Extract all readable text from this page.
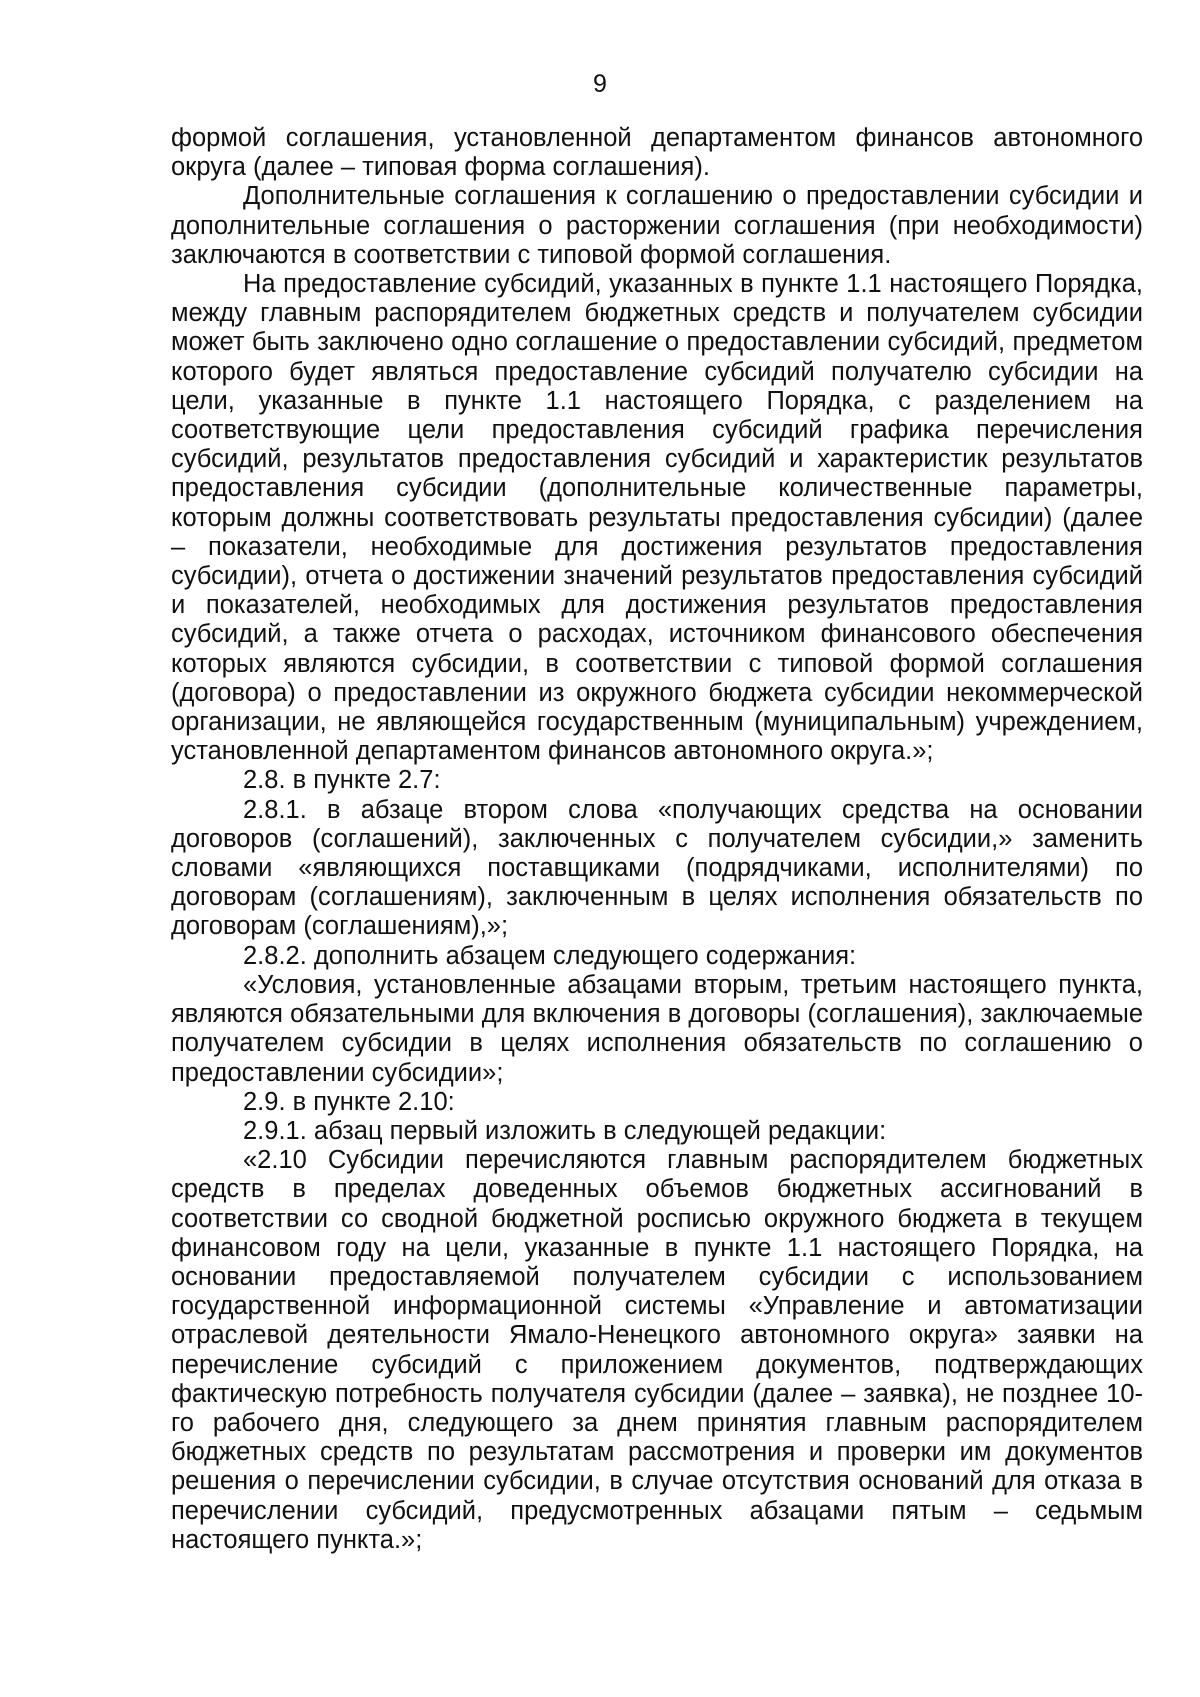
9

формой соглашения, установленной департаментом финансов автономного округа (далее – типовая форма соглашения).

Дополнительные соглашения к соглашению о предоставлении субсидии и дополнительные соглашения о расторжении соглашения (при необходимости) заключаются в соответствии с типовой формой соглашения.

На предоставление субсидий, указанных в пункте 1.1 настоящего Порядка, между главным распорядителем бюджетных средств и получателем субсидии может быть заключено одно соглашение о предоставлении субсидий, предметом которого будет являться предоставление субсидий получателю субсидии на цели, указанные в пункте 1.1 настоящего Порядка, с разделением на соответствующие цели предоставления субсидий графика перечисления субсидий, результатов предоставления субсидий и характеристик результатов предоставления субсидии (дополнительные количественные параметры, которым должны соответствовать результаты предоставления субсидии) (далее – показатели, необходимые для достижения результатов предоставления субсидии), отчета о достижении значений результатов предоставления субсидий и показателей, необходимых для достижения результатов предоставления субсидий, а также отчета о расходах, источником финансового обеспечения которых являются субсидии, в соответствии с типовой формой соглашения (договора) о предоставлении из окружного бюджета субсидии некоммерческой организации, не являющейся государственным (муниципальным) учреждением, установленной департаментом финансов автономного округа.»;

2.8. в пункте 2.7:

2.8.1. в абзаце втором слова «получающих средства на основании договоров (соглашений), заключенных с получателем субсидии,» заменить словами «являющихся поставщиками (подрядчиками, исполнителями) по договорам (соглашениям), заключенным в целях исполнения обязательств по договорам (соглашениям),»;

2.8.2. дополнить абзацем следующего содержания:

«Условия, установленные абзацами вторым, третьим настоящего пункта, являются обязательными для включения в договоры (соглашения), заключаемые получателем субсидии в целях исполнения обязательств по соглашению о предоставлении субсидии»;

2.9. в пункте 2.10:

2.9.1. абзац первый изложить в следующей редакции:

«2.10 Субсидии перечисляются главным распорядителем бюджетных средств в пределах доведенных объемов бюджетных ассигнований в соответствии со сводной бюджетной росписью окружного бюджета в текущем финансовом году на цели, указанные в пункте 1.1 настоящего Порядка, на основании предоставляемой получателем субсидии с использованием государственной информационной системы «Управление и автоматизации отраслевой деятельности Ямало-Ненецкого автономного округа» заявки на перечисление субсидий с приложением документов, подтверждающих фактическую потребность получателя субсидии (далее – заявка), не позднее 10-го рабочего дня, следующего за днем принятия главным распорядителем бюджетных средств по результатам рассмотрения и проверки им документов решения о перечислении субсидии, в случае отсутствия оснований для отказа в перечислении субсидий, предусмотренных абзацами пятым – седьмым настоящего пункта.»;
